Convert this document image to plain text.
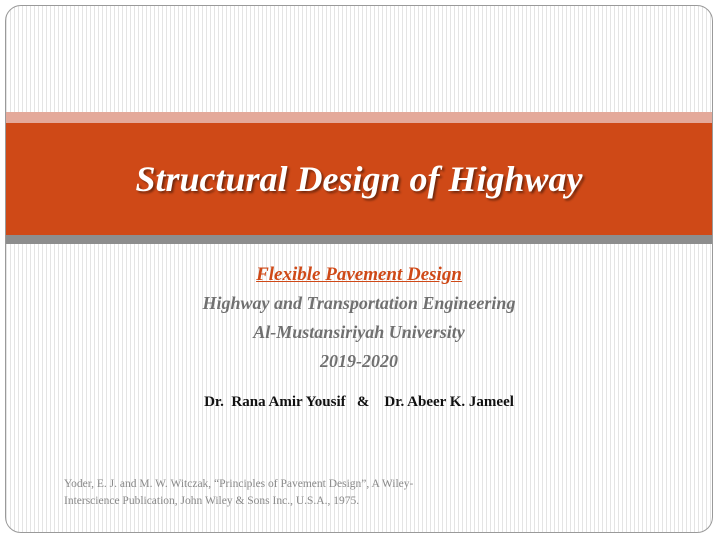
Structural Design of Highway
Flexible Pavement Design
Highway and Transportation Engineering
Al-Mustansiriyah University
2019-2020
Dr.  Rana Amir Yousif   &    Dr. Abeer K. Jameel
Yoder, E. J. and M. W. Witczak, “Principles of Pavement Design”, A Wiley-
Interscience Publication, John Wiley & Sons Inc., U.S.A., 1975.
